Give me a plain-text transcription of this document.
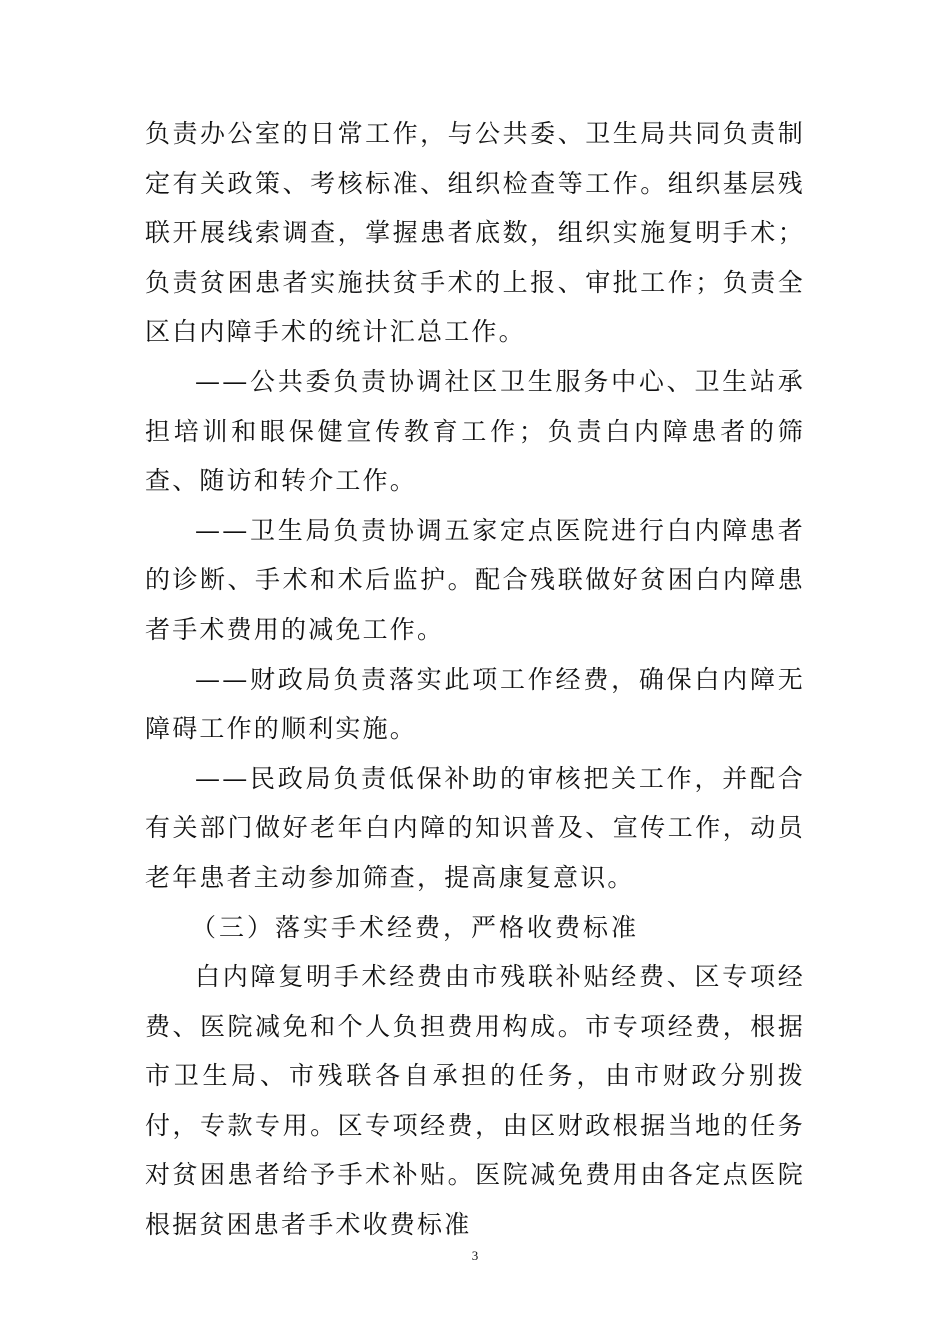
负责办公室的日常工作，与公共委、卫生局共同负责制定有关政策、考核标准、组织检查等工作。组织基层残联开展线索调查，掌握患者底数，组织实施复明手术；负责贫困患者实施扶贫手术的上报、审批工作；负责全区白内障手术的统计汇总工作。

——公共委负责协调社区卫生服务中心、卫生站承担培训和眼保健宣传教育工作；负责白内障患者的筛查、随访和转介工作。

——卫生局负责协调五家定点医院进行白内障患者的诊断、手术和术后监护。配合残联做好贫困白内障患者手术费用的减免工作。

——财政局负责落实此项工作经费，确保白内障无障碍工作的顺利实施。

——民政局负责低保补助的审核把关工作，并配合有关部门做好老年白内障的知识普及、宣传工作，动员老年患者主动参加筛查，提高康复意识。

（三）落实手术经费，严格收费标准

白内障复明手术经费由市残联补贴经费、区专项经费、医院减免和个人负担费用构成。市专项经费，根据市卫生局、市残联各自承担的任务，由市财政分别拨付，专款专用。区专项经费，由区财政根据当地的任务对贫困患者给予手术补贴。医院减免费用由各定点医院根据贫困患者手术收费标准

3
